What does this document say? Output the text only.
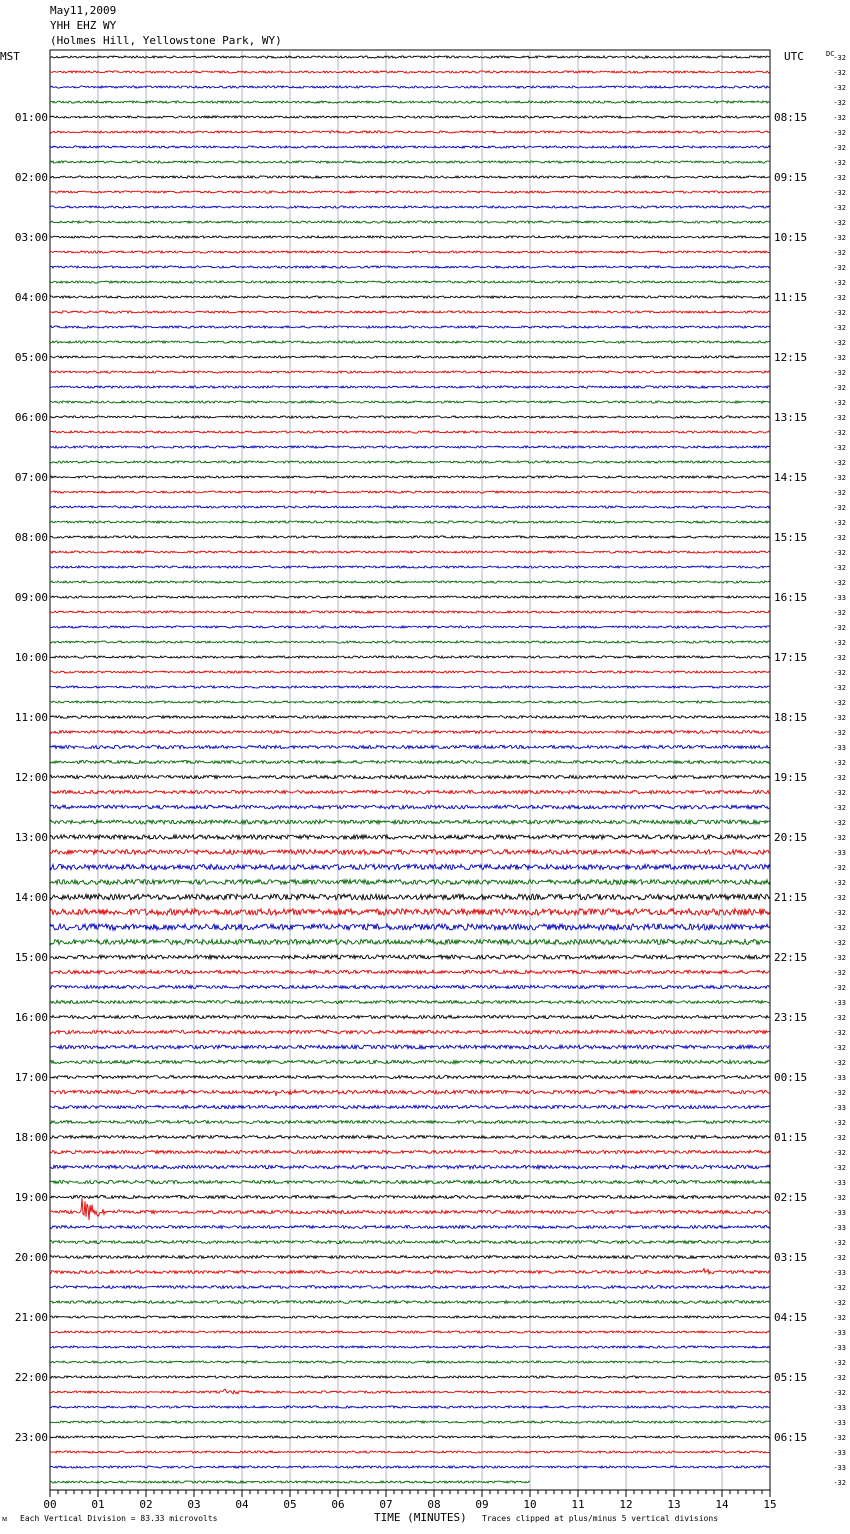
May11,2009
YHH EHZ WY
(Holmes Hill, Yellowstone Park, WY)
-32
-32
-32
-32
-32
-32
-32
-32
-32
-32
-32
-32
-32
-32
-32
-32
-32
-32
-32
-32
-32
-32
-32
-32
-32
-32
-32
-32
-32
-32
-32
-32
-32
-32
-32
-32
-33
-32
-32
-32
-32
-32
-32
-32
-32
-32
-33
-32
-32
-32
-32
-32
-32
-33
-32
-32
-32
-32
-32
-32
-32
-32
-32
-33
-32
-32
-32
-32
-33
-32
-33
-32
-32
-32
-32
-33
-32
-33
-33
-32
-32
-33
-32
-32
-32
-33
-33
-32
-32
-32
-33
-33
-32
-33
-33
-32
DC
01:00
02:00
03:00
04:00
05:00
06:00
07:00
08:00
09:00
10:00
11:00
12:00
13:00
14:00
15:00
16:00
17:00
18:00
19:00
20:00
21:00
22:00
23:00
08:15
09:15
10:15
11:15
12:15
13:15
14:15
15:15
16:15
17:15
18:15
19:15
20:15
21:15
22:15
23:15
00:15
01:15
02:15
03:15
04:15
05:15
06:15
00	01	02	03	04	05	06	07	08	09	10	11	12	13	14	15
MST	UTC
ᴍ Each Vertical Division = 83.33 microvolts	TIME (MINUTES) Traces clipped at plus/minus 5 vertical divisions
